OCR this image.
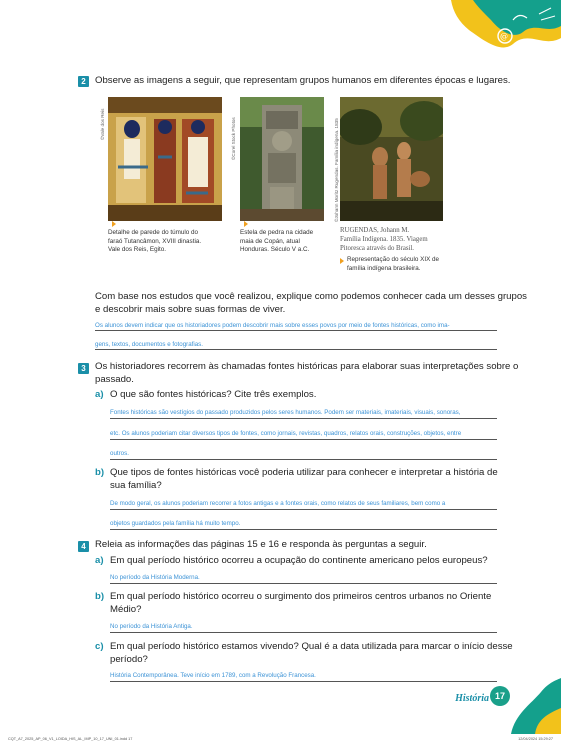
@
2 Observe as imagens a seguir, que representam grupos humanos em diferentes épocas e lugares.
©Vale dos Reis
Detalhe de parede do túmulo do
faraó Tutancâmon, XVIII dinastia.
Vale dos Reis, Egito.
©Corel Stock Photos
Estela de pedra na cidade
maia de Copán, atual
Honduras. Século V a.C.
©Johann Moritz Rugendas. Família indígena. 1835
RUGENDAS, Johann M.
Família Indígena. 1835. Viagem
Pitoresca através do Brasil.
Representação do século XIX de
família indígena brasileira.
Com base nos estudos que você realizou, explique como podemos conhecer cada um desses grupos
e descobrir mais sobre suas formas de viver.
Os alunos devem indicar que os historiadores podem descobrir mais sobre esses povos por meio de fontes históricas, como ima-
gens, textos, documentos e fotografias.
3 Os historiadores recorrem às chamadas fontes históricas para elaborar suas interpretações sobre o
passado.
a) O que são fontes históricas? Cite três exemplos.
Fontes históricas são vestígios do passado produzidos pelos seres humanos. Podem ser materiais, imateriais, visuais, sonoras,
etc. Os alunos poderiam citar diversos tipos de fontes, como jornais, revistas, quadros, relatos orais, construções, objetos, entre
outros.
b) Que tipos de fontes históricas você poderia utilizar para conhecer e interpretar a história de
sua família?
De modo geral, os alunos poderiam recorrer a fotos antigas e a fontes orais, como relatos de seus familiares, bem como a
objetos guardados pela família há muito tempo.
4 Releia as informações das páginas 15 e 16 e responda às perguntas a seguir.
a) Em qual período histórico ocorreu a ocupação do continente americano pelos europeus?
No período da História Moderna.
b) Em qual período histórico ocorreu o surgimento dos primeiros centros urbanos no Oriente
Médio?
No período da História Antiga.
c) Em qual período histórico estamos vivendo? Qual é a data utilizada para marcar o início desse
período?
História Contemporânea. Teve início em 1789, com a Revolução Francesa.
História 17
CQT_A7_2025_AP_06_V1_LOIDA_HIS_AL_IMP_10_17_UNI_01.indd 17	12/04/2024 15:29:27
